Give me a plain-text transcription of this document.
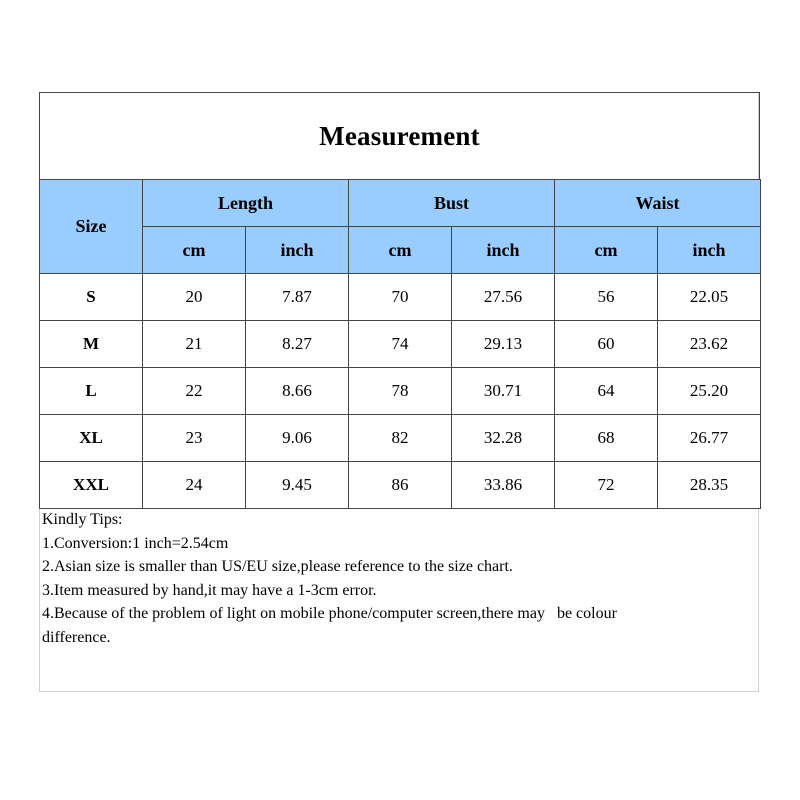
Measurement
Size	Length		Bust		Waist	
	cm	inch	cm	inch	cm	inch
S	20	7.87	70	27.56	56	22.05
M	21	8.27	74	29.13	60	23.62
L	22	8.66	78	30.71	64	25.20
XL	23	9.06	82	32.28	68	26.77
XXL	24	9.45	86	33.86	72	28.35
Kindly Tips:
1.Conversion:1 inch=2.54cm
2.Asian size is smaller than US/EU size,please reference to the size chart.
3.Item measured by hand,it may have a 1-3cm error.
4.Because of the problem of light on mobile phone/computer screen,there may   be colour
difference.
